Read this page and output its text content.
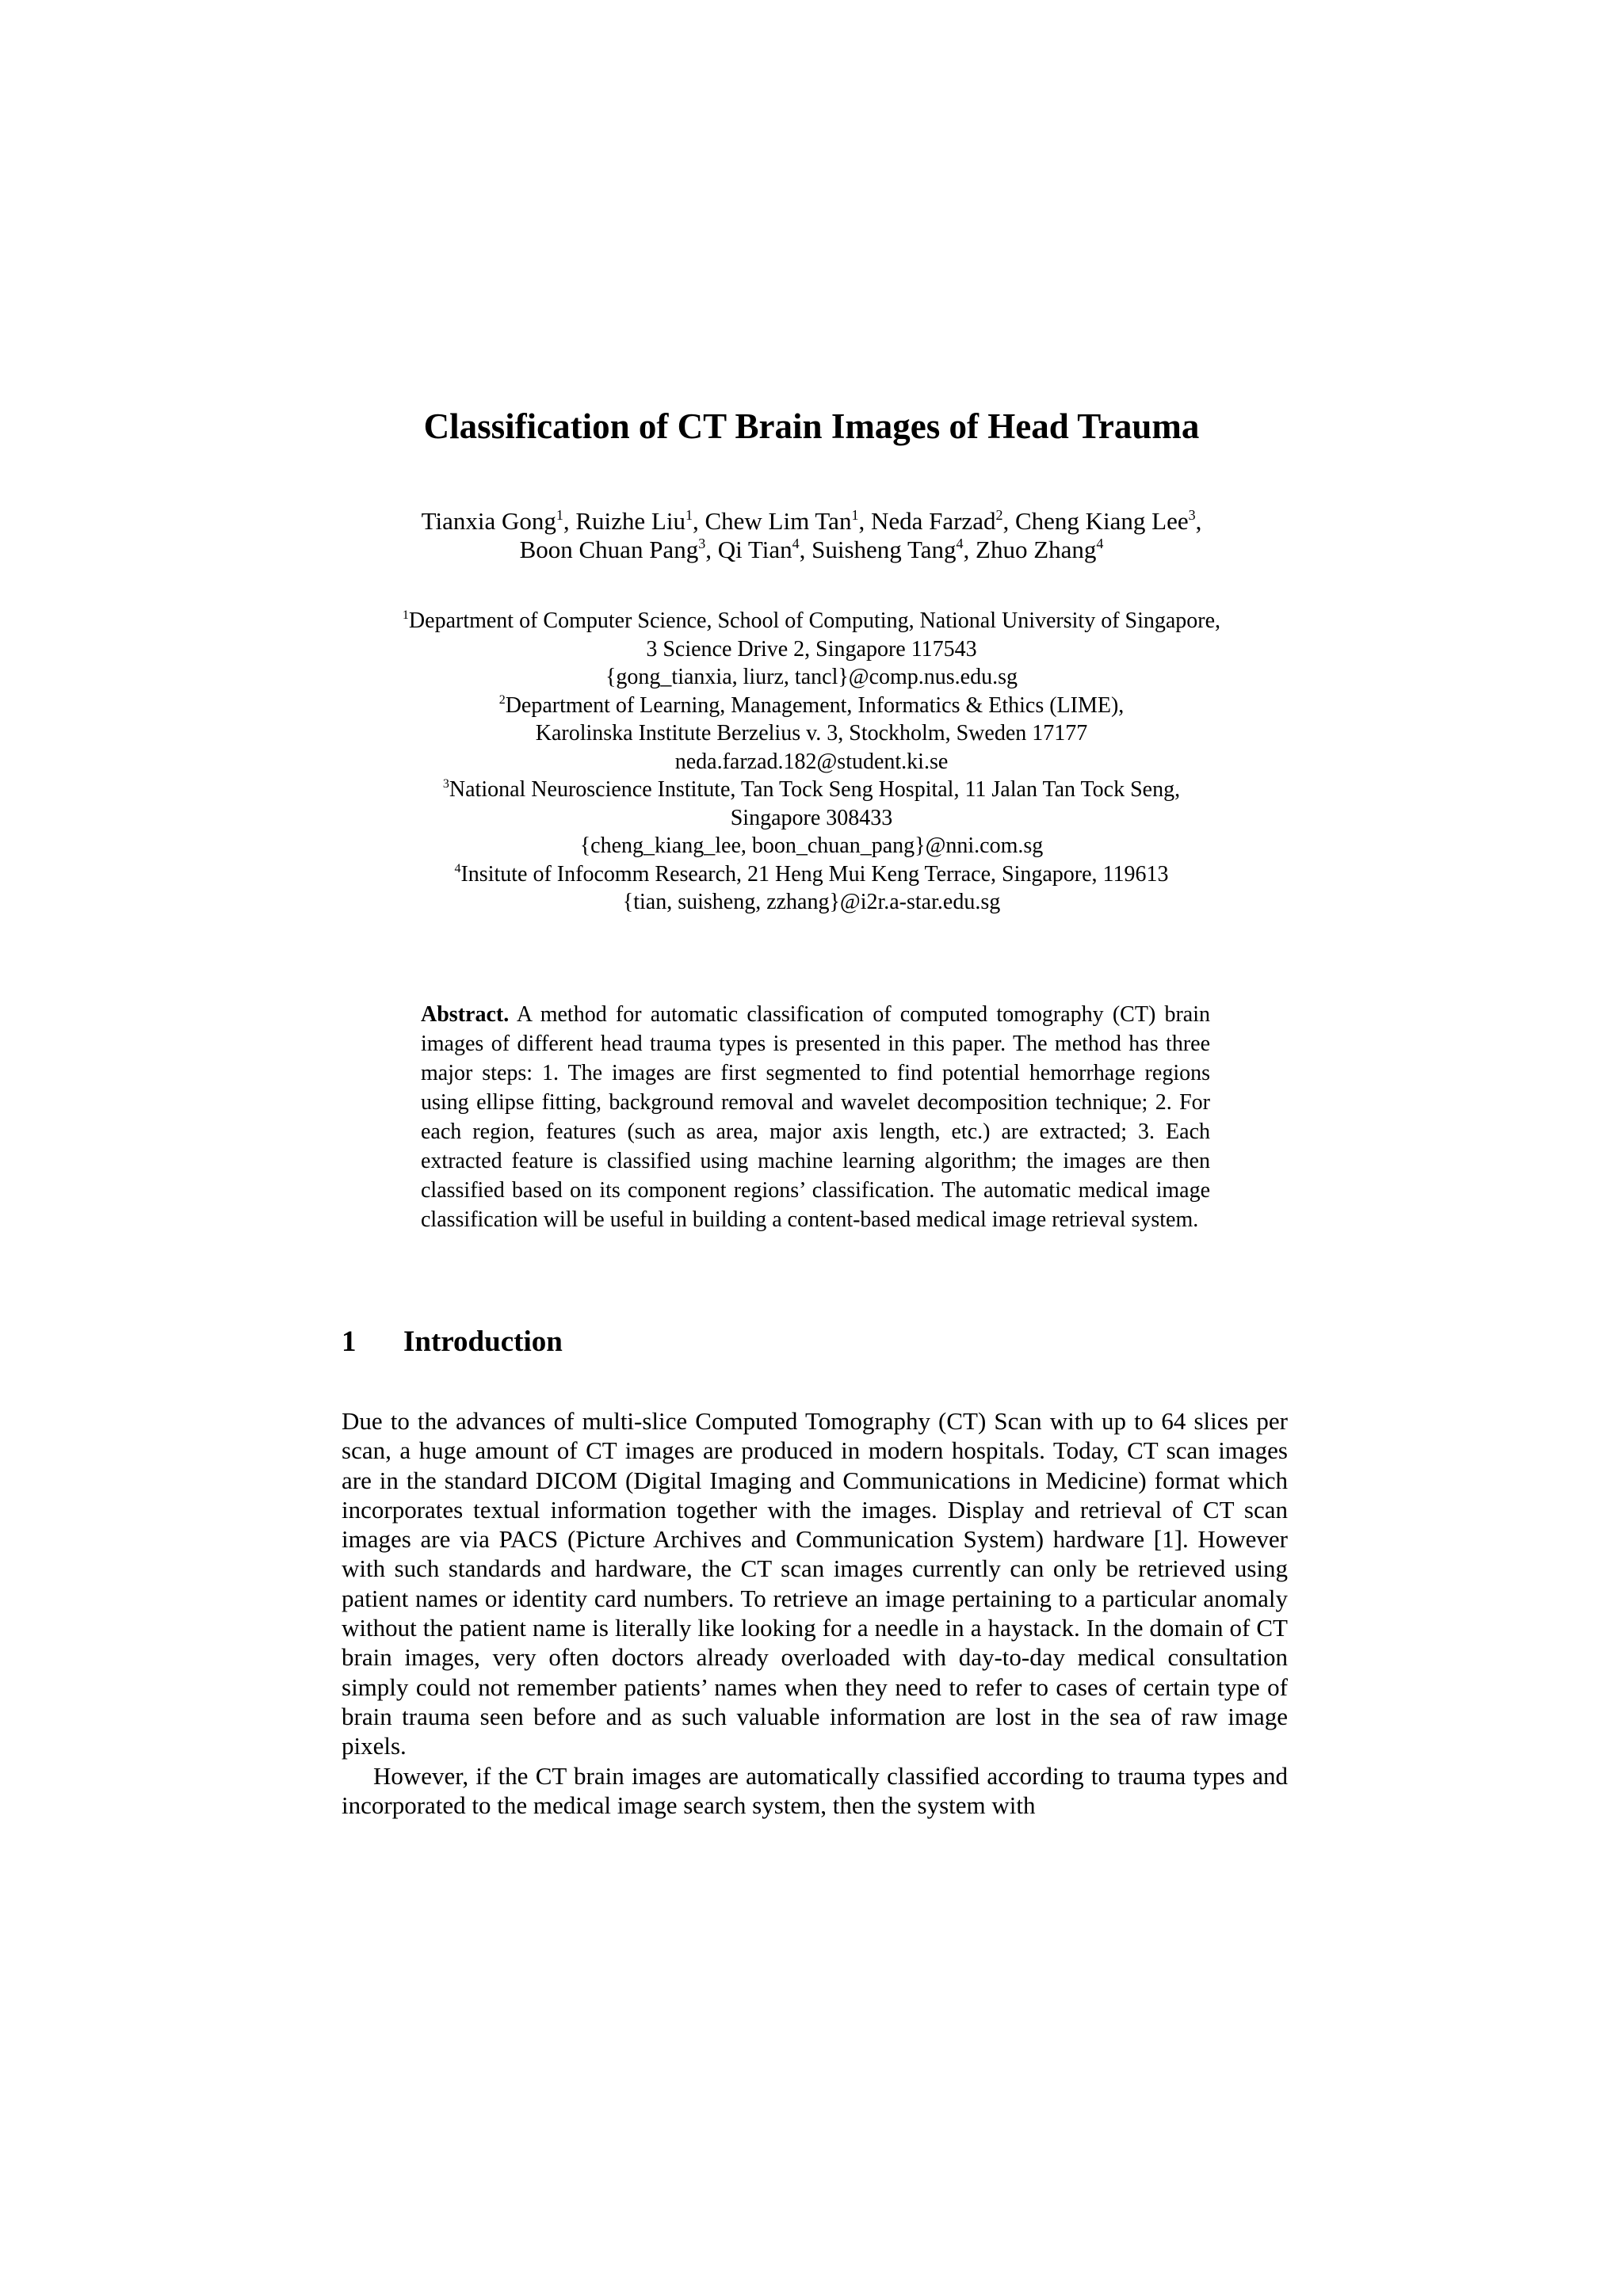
Classification of CT Brain Images of Head Trauma
Tianxia Gong$^1$, Ruizhe Liu$^1$, Chew Lim Tan$^1$, Neda Farzad$^2$, Cheng Kiang Lee$^3$,
Boon Chuan Pang$^3$, Qi Tian$^4$, Suisheng Tang$^4$, Zhuo Zhang$^4$
$^1$Department of Computer Science, School of Computing, National University of Singapore,
3 Science Drive 2, Singapore 117543
{gong_tianxia, liurz, tancl}@comp.nus.edu.sg
$^2$Department of Learning, Management, Informatics & Ethics (LIME),
Karolinska Institute Berzelius v. 3, Stockholm, Sweden 17177
neda.farzad.182@student.ki.se
$^3$National Neuroscience Institute, Tan Tock Seng Hospital, 11 Jalan Tan Tock Seng,
Singapore 308433
{cheng_kiang_lee, boon_chuan_pang}@nni.com.sg
$^4$Insitute of Infocomm Research, 21 Heng Mui Keng Terrace, Singapore, 119613
{tian, suisheng, zzhang}@i2r.a-star.edu.sg
Abstract. A method for automatic classification of computed tomography (CT) brain images of different head trauma types is presented in this paper. The method has three major steps: 1. The images are first segmented to find potential hemorrhage regions using ellipse fitting, background removal and wavelet decomposition technique; 2. For each region, features (such as area, major axis length, etc.) are extracted; 3. Each extracted feature is classified using machine learning algorithm; the images are then classified based on its component regions’ classification. The automatic medical image classification will be useful in building a content-based medical image retrieval system.
1 Introduction

Due to the advances of multi-slice Computed Tomography (CT) Scan with up to 64 slices per scan, a huge amount of CT images are produced in modern hospitals. Today, CT scan images are in the standard DICOM (Digital Imaging and Communications in Medicine) format which incorporates textual information together with the images. Display and retrieval of CT scan images are via PACS (Picture Archives and Communication System) hardware [1]. However with such standards and hardware, the CT scan images currently can only be retrieved using patient names or identity card numbers. To retrieve an image pertaining to a particular anomaly without the patient name is literally like looking for a needle in a haystack. In the domain of CT brain images, very often doctors already overloaded with day-to-day medical consultation simply could not remember patients’ names when they need to refer to cases of certain type of brain trauma seen before and as such valuable information are lost in the sea of raw image pixels.

However, if the CT brain images are automatically classified according to trauma types and incorporated to the medical image search system, then the system with
